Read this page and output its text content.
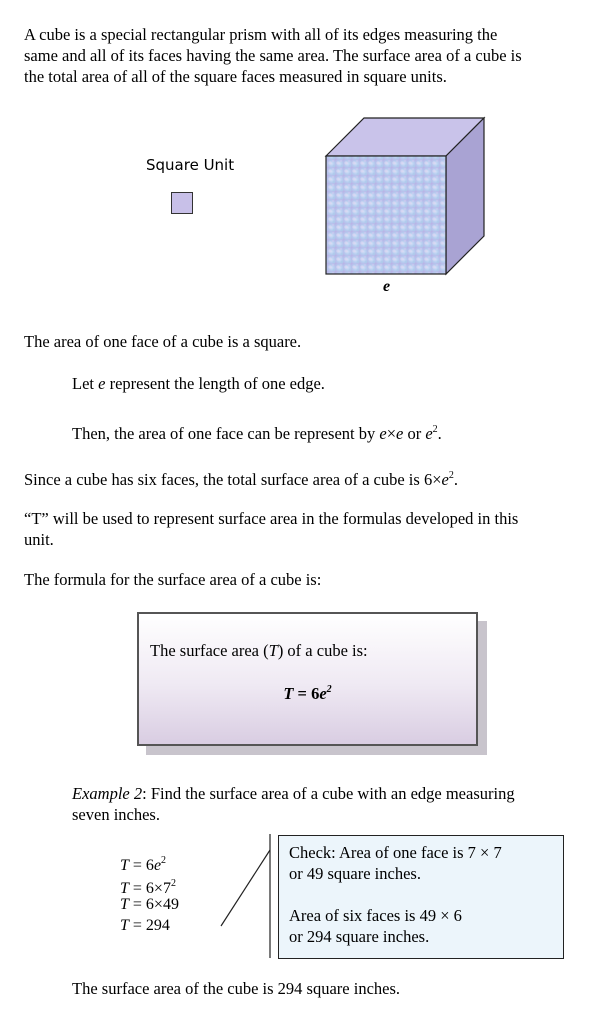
A cube is a special rectangular prism with all of its edges measuring the
same and all of its faces having the same area. The surface area of a cube is
the total area of all of the square faces measured in square units.
Square Unit
e
The area of one face of a cube is a square.
Let e represent the length of one edge.
Then, the area of one face can be represent by e×e or $e^2$.
Since a cube has six faces, the total surface area of a cube is $6\times e^2$.
“T” will be used to represent surface area in the formulas developed in this
unit.
The formula for the surface area of a cube is:
The surface area (T) of a cube is:
$T = 6e^2$
Example 2: Find the surface area of a cube with an edge measuring
seven inches.
$T = 6e^2$
$T = 6\times 7^2$
T = 6×49
T = 294
Check: Area of one face is 7 × 7
or 49 square inches.
Area of six faces is 49 × 6
or 294 square inches.
The surface area of the cube is 294 square inches.
